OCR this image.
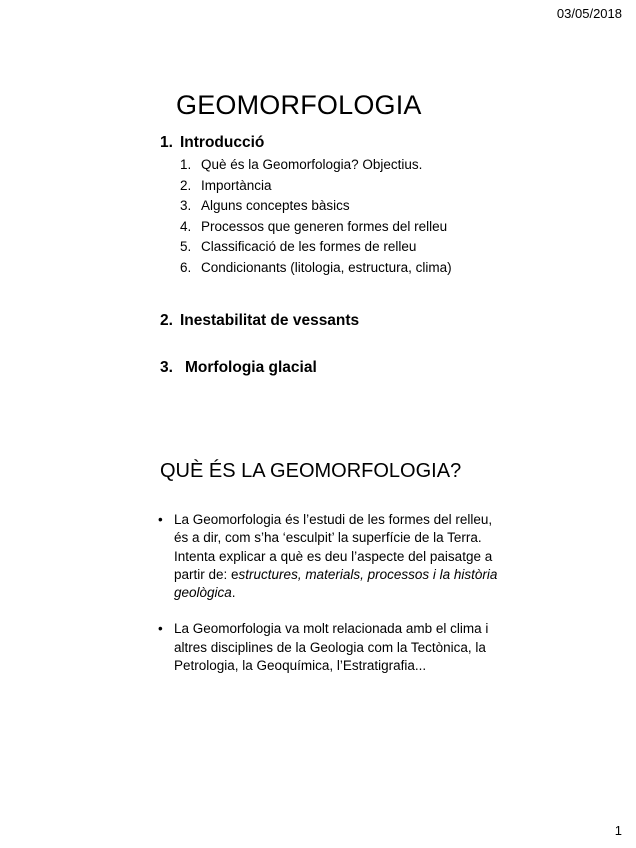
03/05/2018
GEOMORFOLOGIA

1. Introducció

1. Què és la Geomorfologia? Objectius.
2. Importància
3. Alguns conceptes bàsics
4. Processos que generen formes del relleu
5. Classificació de les formes de relleu
6. Condicionants (litologia, estructura, clima)

2. Inestabilitat de vessants

3. Morfologia glacial

QUÈ ÉS LA GEOMORFOLOGIA?
• La Geomorfologia és l’estudi de les formes del relleu, és a dir, com s’ha ‘esculpit’ la superfície de la Terra. Intenta explicar a què es deu l’aspecte del paisatge a partir de: estructures, materials, processos i la història geològica.
• La Geomorfologia va molt relacionada amb el clima i altres disciplines de la Geologia com la Tectònica, la Petrologia, la Geoquímica, l’Estratigrafia...
1
